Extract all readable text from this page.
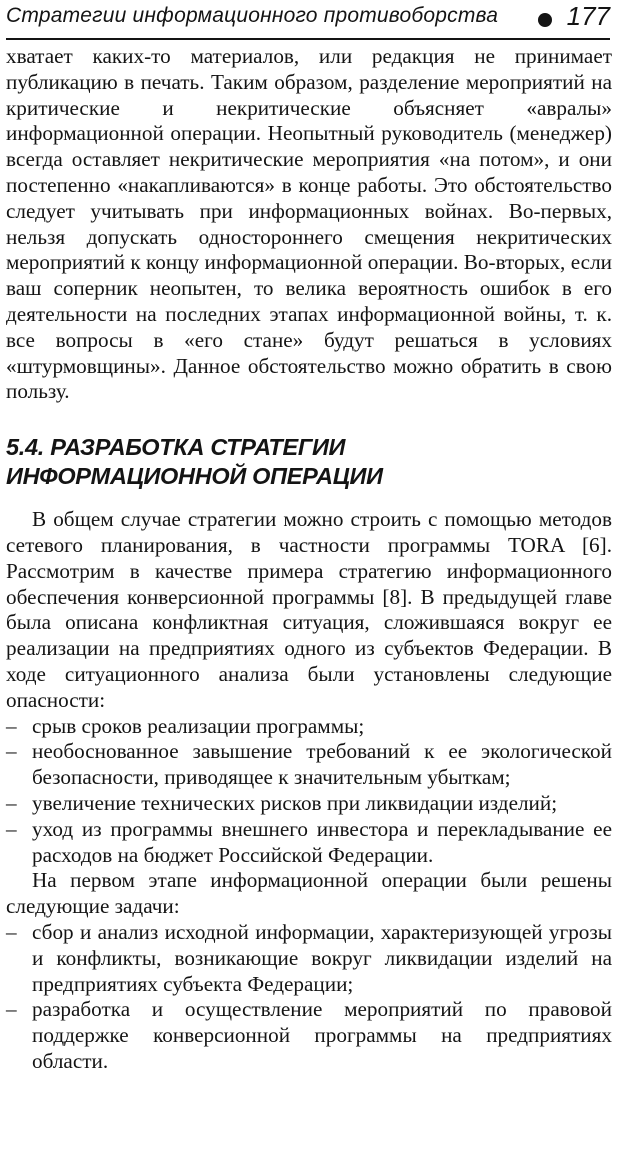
Стратегии информационного противоборства	177

хватает каких-то материалов, или редакция не принимает публикацию в печать. Таким образом, разделение мероприятий на критические и некритические объясняет «авралы» информационной операции. Неопытный руководитель (менеджер) всегда оставляет некритические мероприятия «на потом», и они постепенно «накапливаются» в конце работы. Это обстоятельство следует учитывать при информационных войнах. Во-первых, нельзя допускать одностороннего смещения некритических мероприятий к концу информационной операции. Во-вторых, если ваш соперник неопытен, то велика вероятность ошибок в его деятельности на последних этапах информационной войны, т. к. все вопросы в «его стане» будут решаться в условиях «штурмовщины». Данное обстоятельство можно обратить в свою пользу.

5.4. РАЗРАБОТКА СТРАТЕГИИ
ИНФОРМАЦИОННОЙ ОПЕРАЦИИ

В общем случае стратегии можно строить с помощью методов сетевого планирования, в частности программы TORA [6]. Рассмотрим в качестве примера стратегию информационного обеспечения конверсионной программы [8]. В предыдущей главе была описана конфликтная ситуация, сложившаяся вокруг ее реализации на предприятиях одного из субъектов Федерации. В ходе ситуационного анализа были установлены следующие опасности:

– срыв сроков реализации программы;
– необоснованное завышение требований к ее экологической безопасности, приводящее к значительным убыткам;
– увеличение технических рисков при ликвидации изделий;
– уход из программы внешнего инвестора и перекладывание ее расходов на бюджет Российской Федерации.

На первом этапе информационной операции были решены следующие задачи:

– сбор и анализ исходной информации, характеризующей угрозы и конфликты, возникающие вокруг ликвидации изделий на предприятиях субъекта Федерации;
– разработка и осуществление мероприятий по правовой поддержке конверсионной программы на предприятиях области.
